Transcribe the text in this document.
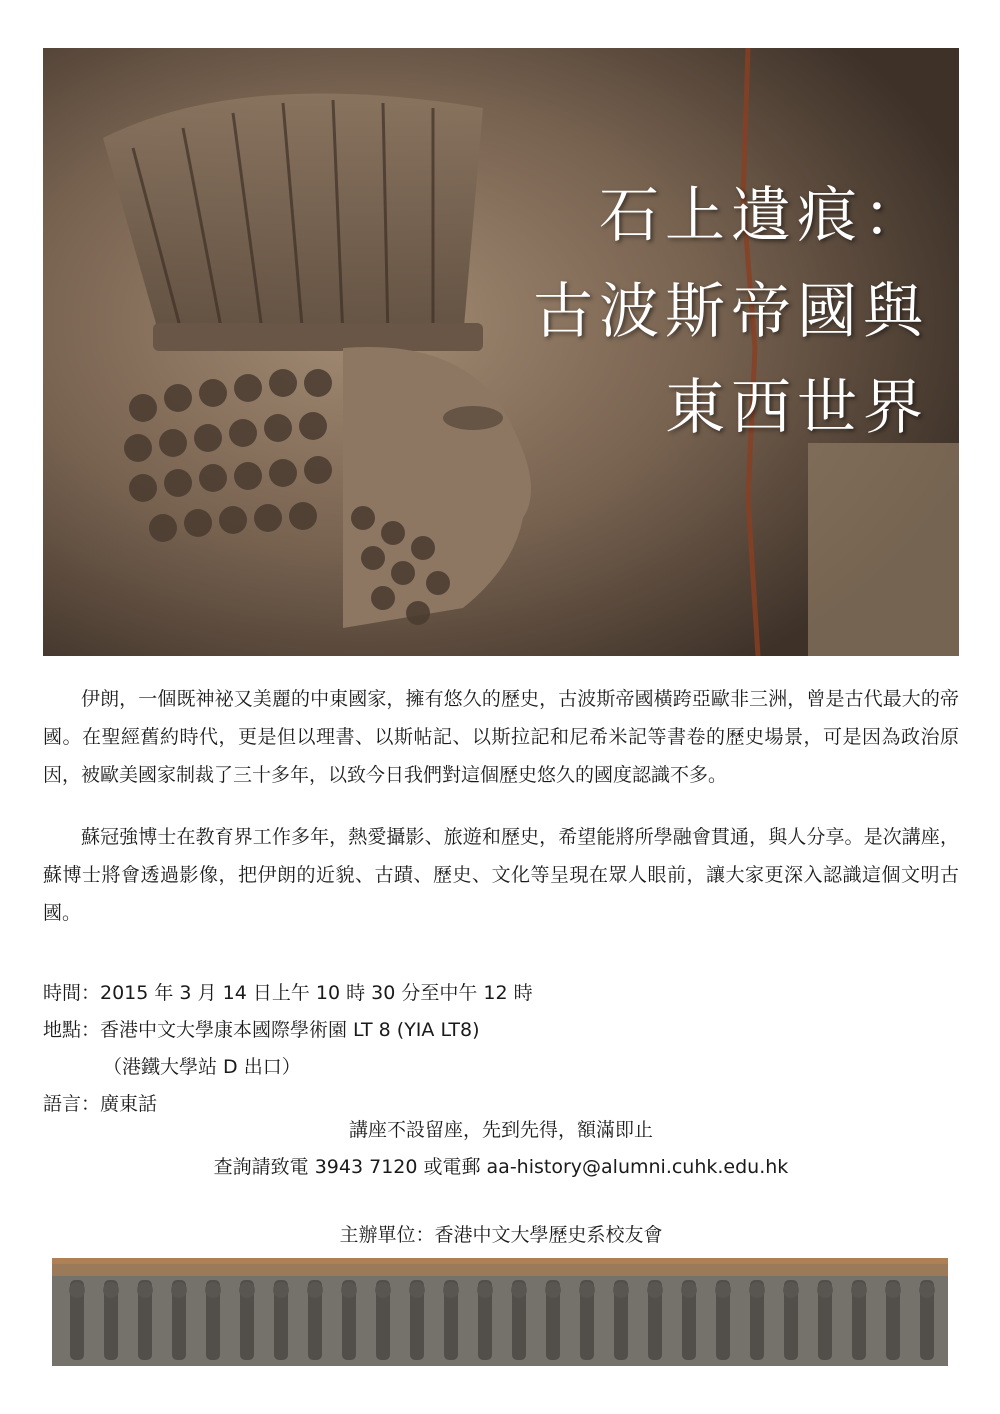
石上遺痕：
古波斯帝國與
東西世界

伊朗，一個既神祕又美麗的中東國家，擁有悠久的歷史，古波斯帝國橫跨亞歐非三洲，曾是古代最大的帝國。在聖經舊約時代，更是但以理書、以斯帖記、以斯拉記和尼希米記等書卷的歷史場景，可是因為政治原因，被歐美國家制裁了三十多年，以致今日我們對這個歷史悠久的國度認識不多。

蘇冠強博士在教育界工作多年，熱愛攝影、旅遊和歷史，希望能將所學融會貫通，與人分享。是次講座，蘇博士將會透過影像，把伊朗的近貌、古蹟、歷史、文化等呈現在眾人眼前，讓大家更深入認識這個文明古國。

時間：2015 年 3 月 14 日上午 10 時 30 分至中午 12 時
地點：香港中文大學康本國際學術園 LT 8 (YIA LT8)
（港鐵大學站 D 出口）
語言：廣東話
講座不設留座，先到先得，額滿即止
查詢請致電 3943 7120 或電郵 aa-history@alumni.cuhk.edu.hk
主辦單位：香港中文大學歷史系校友會
